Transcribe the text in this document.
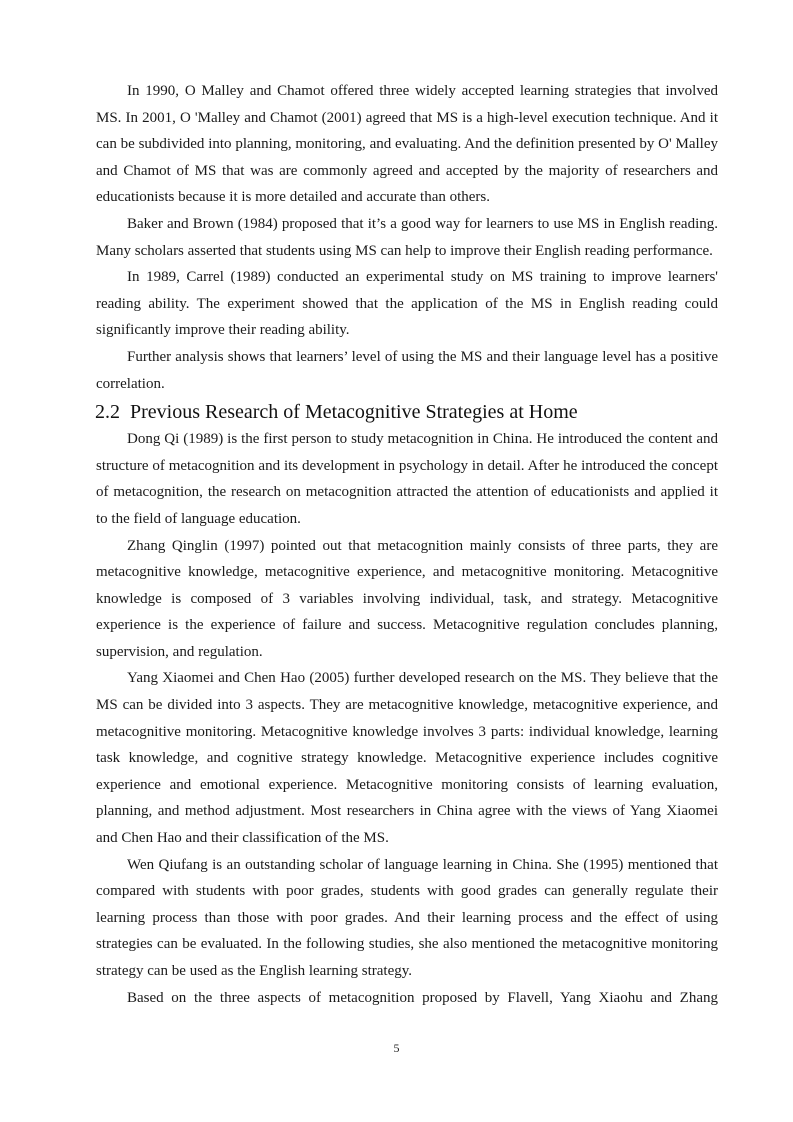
In 1990, O Malley and Chamot offered three widely accepted learning strategies that involved MS. In 2001, O 'Malley and Chamot (2001) agreed that MS is a high-level execution technique. And it can be subdivided into planning, monitoring, and evaluating. And the definition presented by O' Malley and Chamot of MS that was are commonly agreed and accepted by the majority of researchers and educationists because it is more detailed and accurate than others.

Baker and Brown (1984) proposed that it’s a good way for learners to use MS in English reading. Many scholars asserted that students using MS can help to improve their English reading performance.

In 1989, Carrel (1989) conducted an experimental study on MS training to improve learners' reading ability. The experiment showed that the application of the MS in English reading could significantly improve their reading ability.

Further analysis shows that learners’ level of using the MS and their language level has a positive correlation.

2.2 Previous Research of Metacognitive Strategies at Home

Dong Qi (1989) is the first person to study metacognition in China. He introduced the content and structure of metacognition and its development in psychology in detail. After he introduced the concept of metacognition, the research on metacognition attracted the attention of educationists and applied it to the field of language education.

Zhang Qinglin (1997) pointed out that metacognition mainly consists of three parts, they are metacognitive knowledge, metacognitive experience, and metacognitive monitoring. Metacognitive knowledge is composed of 3 variables involving individual, task, and strategy. Metacognitive experience is the experience of failure and success. Metacognitive regulation concludes planning, supervision, and regulation.

Yang Xiaomei and Chen Hao (2005) further developed research on the MS. They believe that the MS can be divided into 3 aspects. They are metacognitive knowledge, metacognitive experience, and metacognitive monitoring. Metacognitive knowledge involves 3 parts: individual knowledge, learning task knowledge, and cognitive strategy knowledge. Metacognitive experience includes cognitive experience and emotional experience. Metacognitive monitoring consists of learning evaluation, planning, and method adjustment. Most researchers in China agree with the views of Yang Xiaomei and Chen Hao and their classification of the MS.

Wen Qiufang is an outstanding scholar of language learning in China. She (1995) mentioned that compared with students with poor grades, students with good grades can generally regulate their learning process than those with poor grades. And their learning process and the effect of using strategies can be evaluated. In the following studies, she also mentioned the metacognitive monitoring strategy can be used as the English learning strategy.

Based on the three aspects of metacognition proposed by Flavell, Yang Xiaohu and Zhang

5
